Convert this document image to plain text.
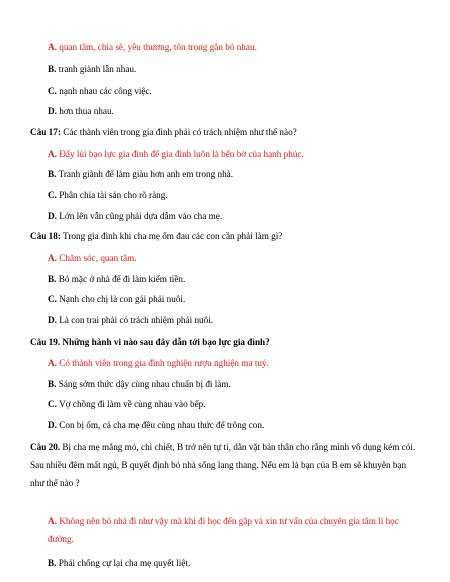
A. quan tâm, chia sẽ, yêu thương, tôn trọng gắn bó nhau.
B. tranh giành lẫn nhau.
C. nạnh nhau các công việc.
D. hơn thua nhau.
Câu 17: Các thành viên trong gia đình phải có trách nhiệm như thế nào?
A. Đẩy lùi bạo lực gia đình để gia đình luôn là bến bờ của hạnh phúc.
B. Tranh giành để làm giàu hơn anh em trong nhà.
C. Phân chia tài sản cho rõ ràng.
D. Lớn lên vẫn cũng phải dựa dẫm vào cha mẹ.
Câu 18: Trong gia đình khi cha mẹ ốm đau các con cần phải làm gì?
A. Chăm sóc, quan tâm.
B. Bỏ mặc ở nhà để đi làm kiếm tiền.
C. Nạnh cho chị là con gái phải nuôi.
D. Là con trai phải có trách nhiệm phải nuôi.
Câu 19. Những hành vi nào sau đây dẫn tới bạo lực gia đình?
A. Có thành viên trong gia đình nghiện rượu nghiện ma tuý.
B. Sáng sớm thức dậy cùng nhau chuẩn bị đi làm.
C. Vợ chồng đi làm về cùng nhau vào bếp.
D. Con bị ốm, cả cha mẹ đều cùng nhau thức để trông con.
Câu 20. Bị cha mẹ mắng mỏ, chì chiết, B trở nên tự ti, dằn vặt bản thân cho rằng mình vô dụng kém cỏi. Sau nhiều đêm mất ngủ, B quyết định bỏ nhà sống lang thang. Nếu em là bạn của B em sẽ khuyên bạn như thế nào ?
A. Không nên bỏ nhà đi như vậy mà khi đi học đến gặp và xin tư vấn của chuyên gia tâm lí học đường.
B. Phải chống cự lại cha mẹ quyết liệt.
